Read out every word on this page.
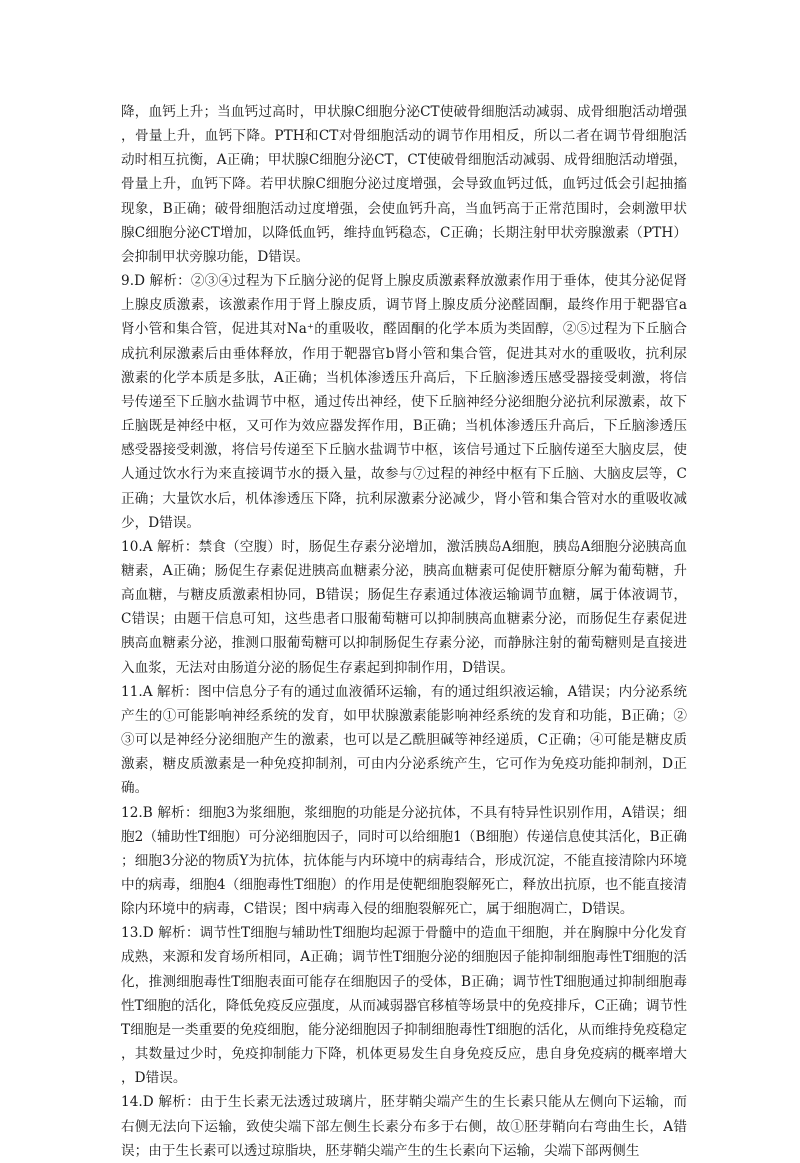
降，血钙上升；当血钙过高时，甲状腺C细胞分泌CT使破骨细胞活动减弱、成骨细胞活动增强，骨量上升，血钙下降。PTH和CT对骨细胞活动的调节作用相反，所以二者在调节骨细胞活动时相互抗衡，A正确；甲状腺C细胞分泌CT，CT使破骨细胞活动减弱、成骨细胞活动增强，骨量上升，血钙下降。若甲状腺C细胞分泌过度增强，会导致血钙过低，血钙过低会引起抽搐现象，B正确；破骨细胞活动过度增强，会使血钙升高，当血钙高于正常范围时，会刺激甲状腺C细胞分泌CT增加，以降低血钙，维持血钙稳态，C正确；长期注射甲状旁腺激素（PTH）会抑制甲状旁腺功能，D错误。

9.D 解析：②③④过程为下丘脑分泌的促肾上腺皮质激素释放激素作用于垂体，使其分泌促肾上腺皮质激素，该激素作用于肾上腺皮质，调节肾上腺皮质分泌醛固酮，最终作用于靶器官a肾小管和集合管，促进其对Na⁺的重吸收，醛固酮的化学本质为类固醇，②⑤过程为下丘脑合成抗利尿激素后由垂体释放，作用于靶器官b肾小管和集合管，促进其对水的重吸收，抗利尿激素的化学本质是多肽，A正确；当机体渗透压升高后，下丘脑渗透压感受器接受刺激，将信号传递至下丘脑水盐调节中枢，通过传出神经，使下丘脑神经分泌细胞分泌抗利尿激素，故下丘脑既是神经中枢，又可作为效应器发挥作用，B正确；当机体渗透压升高后，下丘脑渗透压感受器接受刺激，将信号传递至下丘脑水盐调节中枢，该信号通过下丘脑传递至大脑皮层，使人通过饮水行为来直接调节水的摄入量，故参与⑦过程的神经中枢有下丘脑、大脑皮层等，C正确；大量饮水后，机体渗透压下降，抗利尿激素分泌减少，肾小管和集合管对水的重吸收减少，D错误。

10.A 解析：禁食（空腹）时，肠促生存素分泌增加，激活胰岛A细胞，胰岛A细胞分泌胰高血糖素，A正确；肠促生存素促进胰高血糖素分泌，胰高血糖素可促使肝糖原分解为葡萄糖，升高血糖，与糖皮质激素相协同，B错误；肠促生存素通过体液运输调节血糖，属于体液调节，C错误；由题干信息可知，这些患者口服葡萄糖可以抑制胰高血糖素分泌，而肠促生存素促进胰高血糖素分泌，推测口服葡萄糖可以抑制肠促生存素分泌，而静脉注射的葡萄糖则是直接进入血浆，无法对由肠道分泌的肠促生存素起到抑制作用，D错误。

11.A 解析：图中信息分子有的通过血液循环运输，有的通过组织液运输，A错误；内分泌系统产生的①可能影响神经系统的发育，如甲状腺激素能影响神经系统的发育和功能，B正确；②③可以是神经分泌细胞产生的激素，也可以是乙酰胆碱等神经递质，C正确；④可能是糖皮质激素，糖皮质激素是一种免疫抑制剂，可由内分泌系统产生，它可作为免疫功能抑制剂，D正确。

12.B 解析：细胞3为浆细胞，浆细胞的功能是分泌抗体，不具有特异性识别作用，A错误；细胞2（辅助性T细胞）可分泌细胞因子，同时可以给细胞1（B细胞）传递信息使其活化，B正确；细胞3分泌的物质Y为抗体，抗体能与内环境中的病毒结合，形成沉淀，不能直接清除内环境中的病毒，细胞4（细胞毒性T细胞）的作用是使靶细胞裂解死亡，释放出抗原，也不能直接清除内环境中的病毒，C错误；图中病毒入侵的细胞裂解死亡，属于细胞凋亡，D错误。

13.D 解析：调节性T细胞与辅助性T细胞均起源于骨髓中的造血干细胞，并在胸腺中分化发育成熟，来源和发育场所相同，A正确；调节性T细胞分泌的细胞因子能抑制细胞毒性T细胞的活化，推测细胞毒性T细胞表面可能存在细胞因子的受体，B正确；调节性T细胞通过抑制细胞毒性T细胞的活化，降低免疫反应强度，从而减弱器官移植等场景中的免疫排斥，C正确；调节性T细胞是一类重要的免疫细胞，能分泌细胞因子抑制细胞毒性T细胞的活化，从而维持免疫稳定，其数量过少时，免疫抑制能力下降，机体更易发生自身免疫反应，患自身免疫病的概率增大，D错误。

14.D 解析：由于生长素无法透过玻璃片，胚芽鞘尖端产生的生长素只能从左侧向下运输，而右侧无法向下运输，致使尖端下部左侧生长素分布多于右侧，故①胚芽鞘向右弯曲生长，A错误；由于生长素可以透过琼脂块，胚芽鞘尖端产生的生长素向下运输，尖端下部两侧生
